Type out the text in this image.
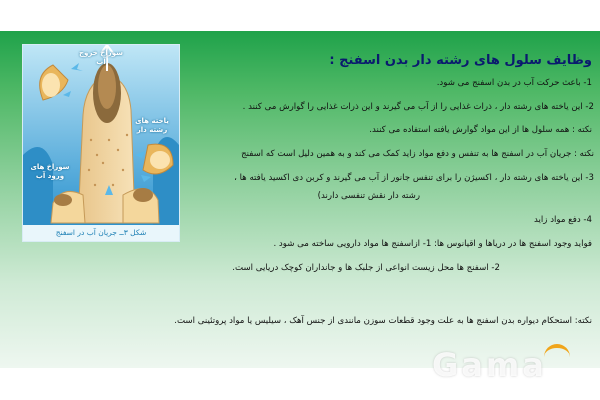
سوراخ خروج آب
یاخته های رشته دار
سوراخ های ورود آب
شکل ۳ــ جریان آب در اسفنج
وظایف سلول های رشته دار بدن اسفنج :

1- باعث حرکت آب در بدن اسفنج می شود.

2- این یاخته های رشته دار ، ذرات غذایی را از آب می گیرند و این ذرات غذایی را گوارش می کنند .

نکته : همه سلول ها از این مواد گوارش یافته استفاده می کنند.

نکته : جریان آب در اسفنج ها به تنفس و دفع مواد زاید کمک می کند و به همین دلیل است که اسفنج

3- این یاخته های رشته دار ، اکسیژن را برای تنفس جانور از آب می گیرند و کربن دی اکسید یافته ها ،

رشته دار نقش تنفسی دارند)

4- دفع مواد زاید

فواید وجود اسفنج ها در دریاها و اقیانوس ها: 1- ازاسفنج ها مواد دارویی ساخته می شود .

2- اسفنج ها محل زیست انواعی از جلبک ها و جانداران کوچک دریایی است.

نکته: استحکام دیواره بدن اسفنج ها به علت وجود قطعات سوزن مانندی از جنس آهک ، سیلیس یا مواد پروتئینی است.

Gama
